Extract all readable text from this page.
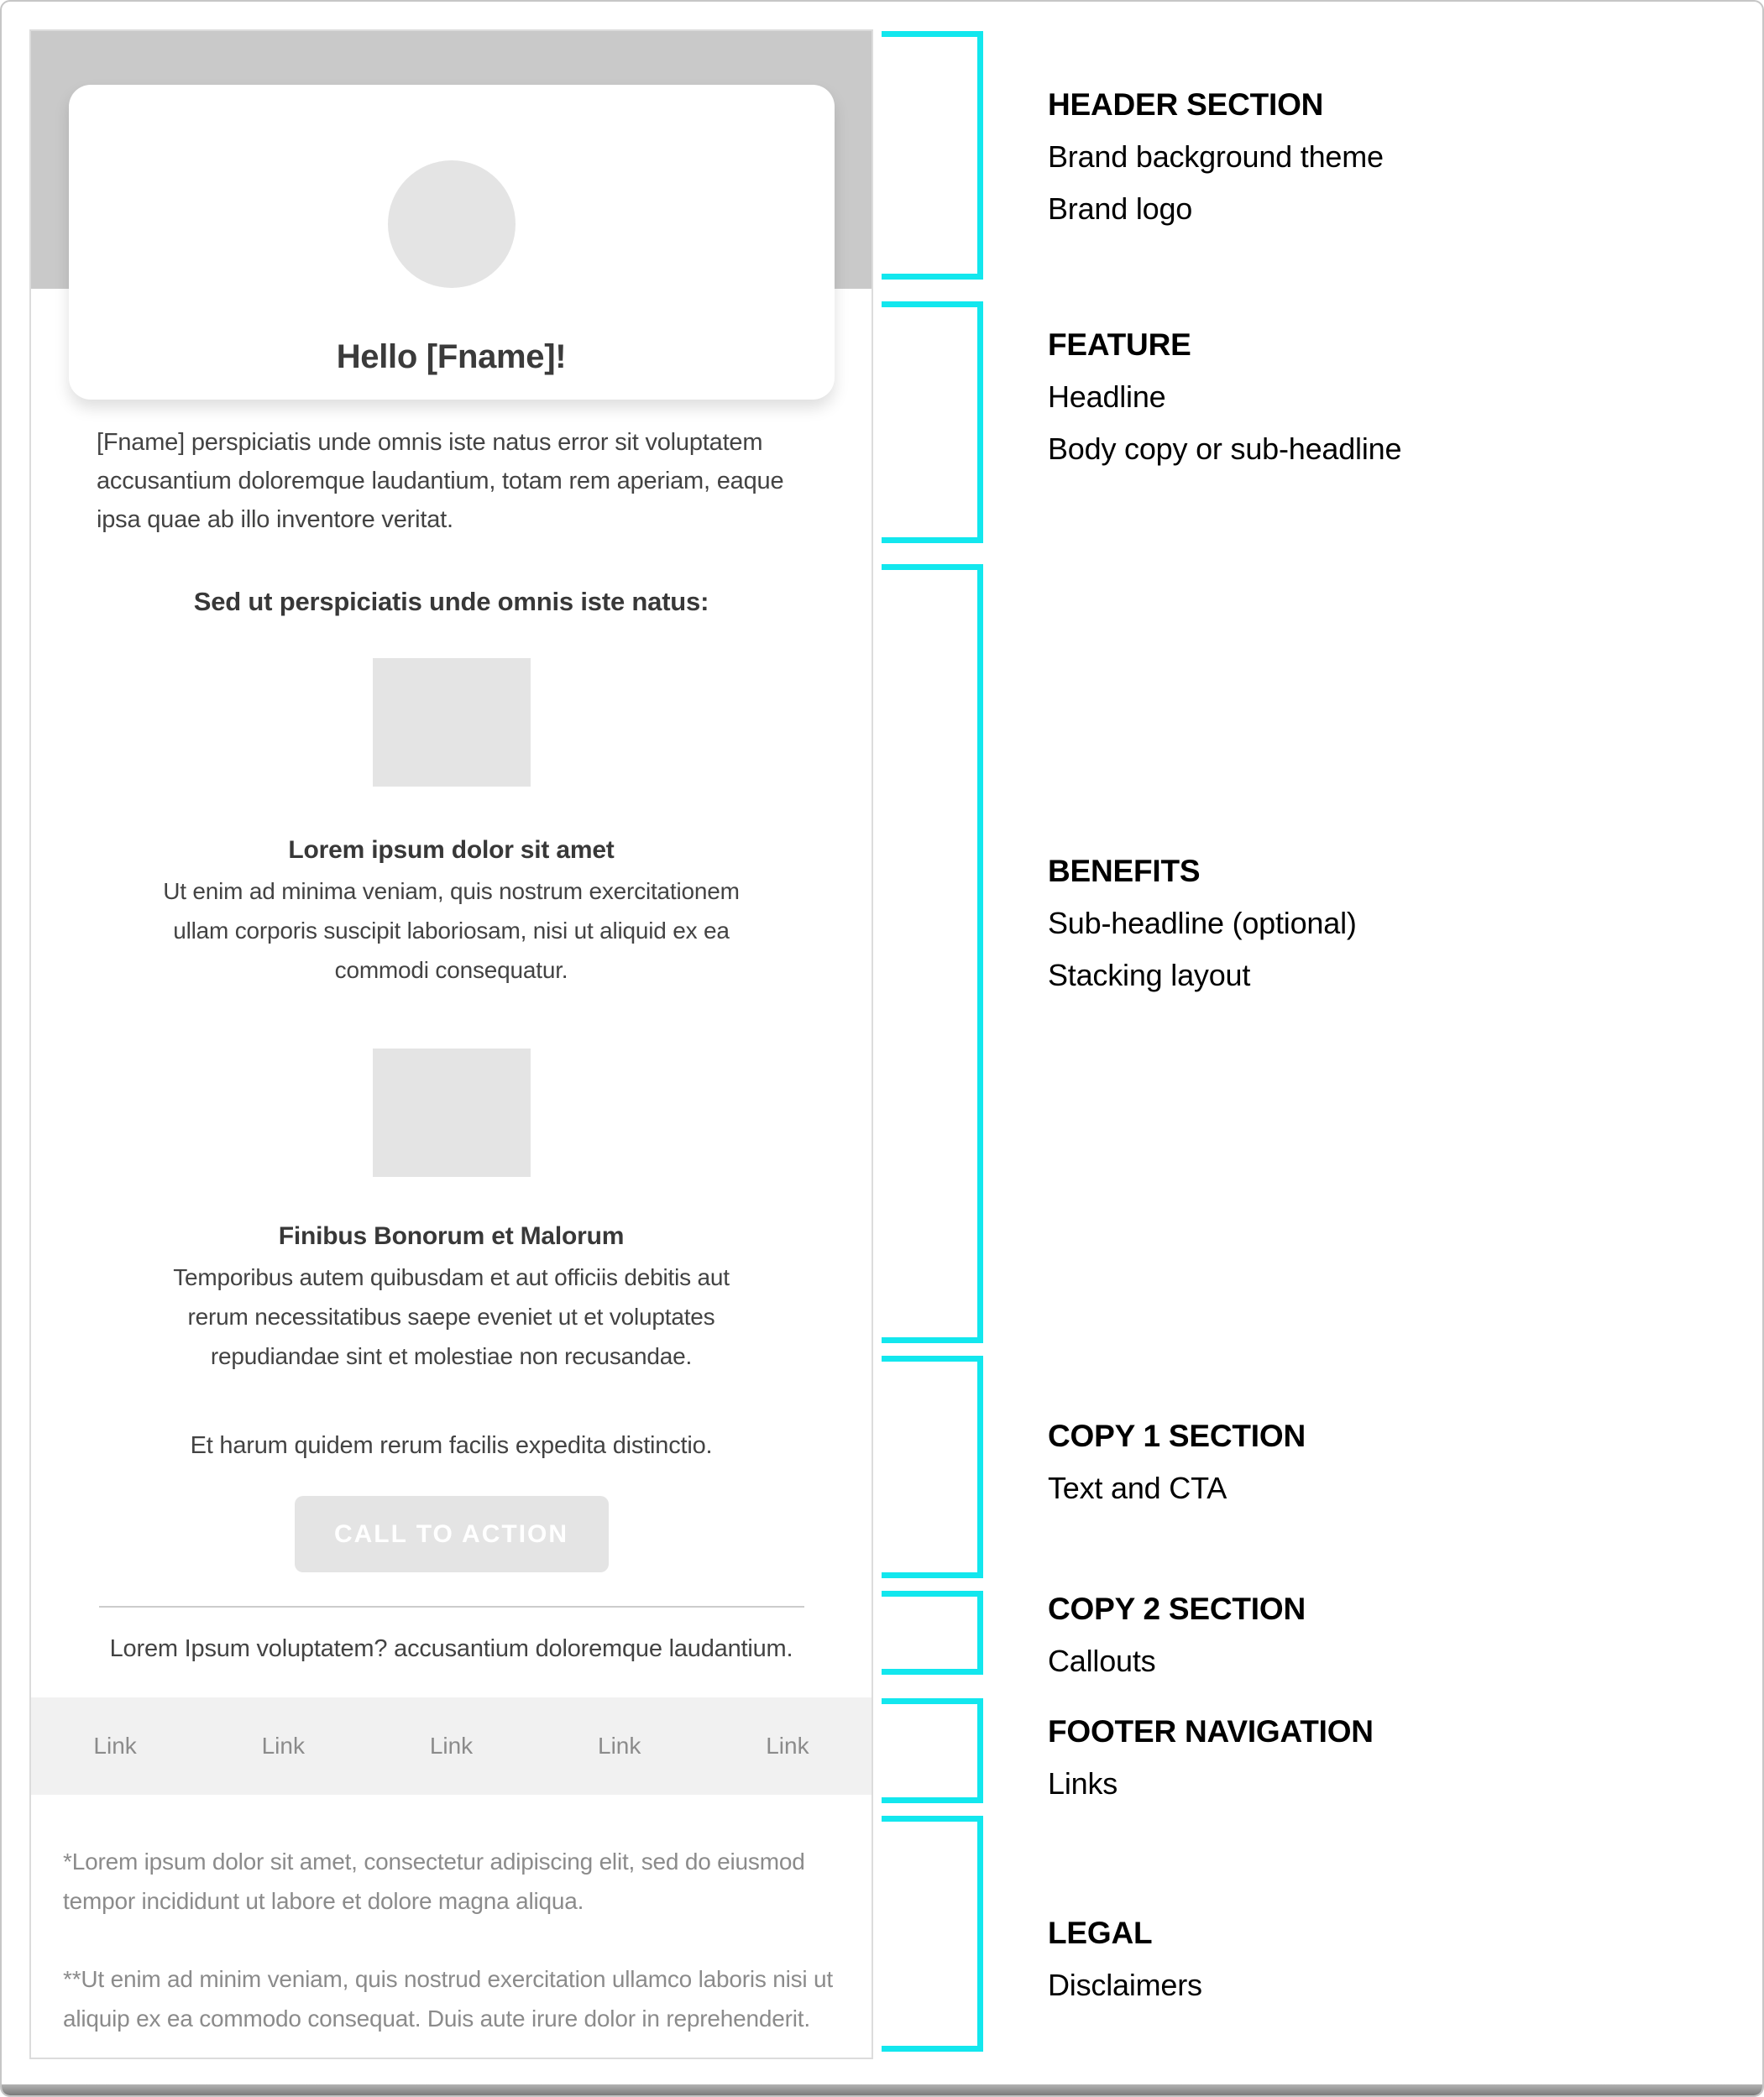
Hello [Fname]!

[Fname] perspiciatis unde omnis iste natus error sit voluptatem accusantium doloremque laudantium, totam rem aperiam, eaque ipsa quae ab illo inventore veritat.

Sed ut perspiciatis unde omnis iste natus:
Lorem ipsum dolor sit amet

Ut enim ad minima veniam, quis nostrum exercitationem ullam corporis suscipit laboriosam, nisi ut aliquid ex ea commodi consequatur.

Finibus Bonorum et Malorum

Temporibus autem quibusdam et aut officiis debitis aut rerum necessitatibus saepe eveniet ut et voluptates repudiandae sint et molestiae non recusandae.

Et harum quidem rerum facilis expedita distinctio.

CALL TO ACTION

Lorem Ipsum voluptatem? accusantium doloremque laudantium.

Link	Link	Link	Link	Link

*Lorem ipsum dolor sit amet, consectetur adipiscing elit, sed do eiusmod tempor incididunt ut labore et dolore magna aliqua.

**Ut enim ad minim veniam, quis nostrud exercitation ullamco laboris nisi ut aliquip ex ea commodo consequat. Duis aute irure dolor in reprehenderit.

HEADER SECTION
Brand background theme
Brand logo
FEATURE
Headline
Body copy or sub-headline
BENEFITS
Sub-headline (optional)
Stacking layout
COPY 1 SECTION
Text and CTA
COPY 2 SECTION
Callouts
FOOTER NAVIGATION
Links
LEGAL
Disclaimers
